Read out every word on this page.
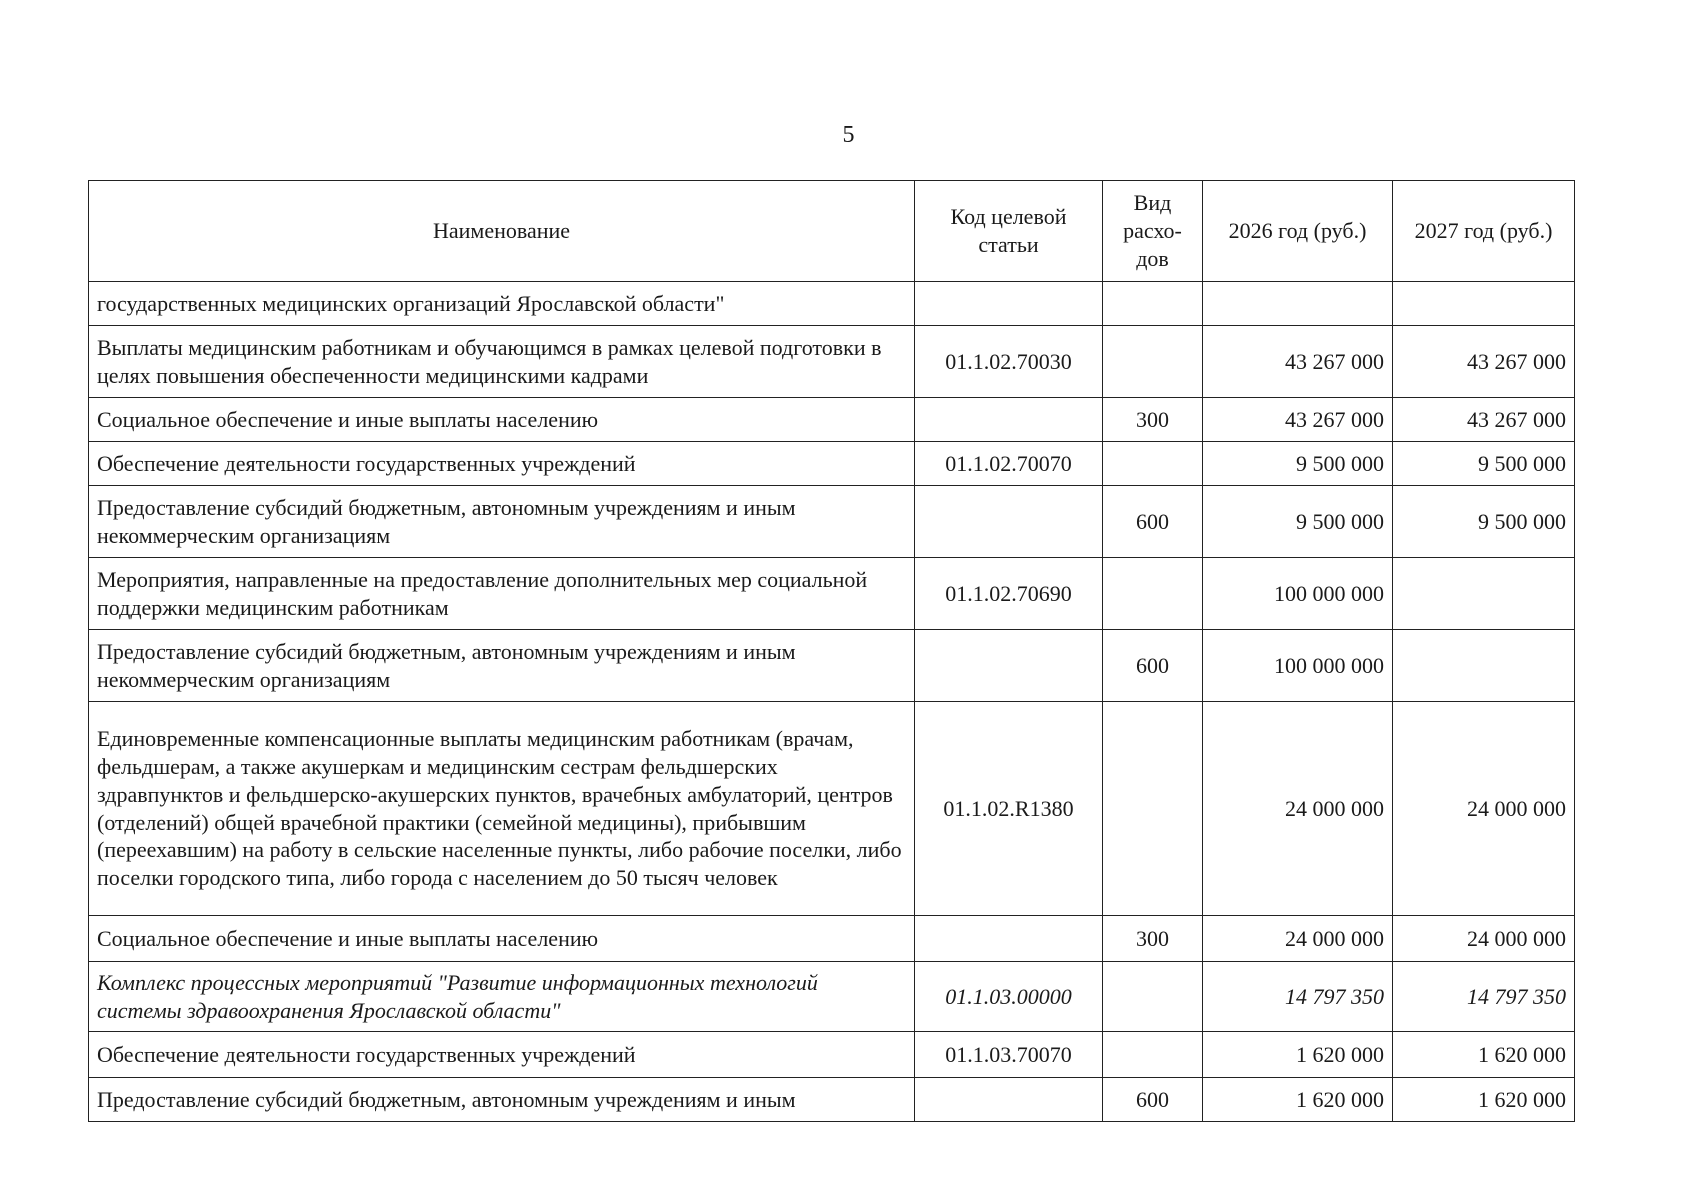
5
Наименование	Код целевой статьи	Вид расхо-дов	2026 год (руб.)	2027 год (руб.)
государственных медицинских организаций Ярославской области"				
Выплаты медицинским работникам и обучающимся в рамках целевой подготовки в целях повышения обеспеченности медицинскими кадрами	01.1.02.70030		43 267 000	43 267 000
Социальное обеспечение и иные выплаты населению		300	43 267 000	43 267 000
Обеспечение деятельности государственных учреждений	01.1.02.70070		9 500 000	9 500 000
Предоставление субсидий бюджетным, автономным учреждениям и иным некоммерческим организациям		600	9 500 000	9 500 000
Мероприятия, направленные на предоставление дополнительных мер социальной поддержки медицинским работникам	01.1.02.70690		100 000 000	
Предоставление субсидий бюджетным, автономным учреждениям и иным некоммерческим организациям		600	100 000 000	
Единовременные компенсационные выплаты медицинским работникам (врачам, фельдшерам, а также акушеркам и медицинским сестрам фельдшерских здравпунктов и фельдшерско-акушерских пунктов, врачебных амбулаторий, центров (отделений) общей врачебной практики (семейной медицины), прибывшим (переехавшим) на работу в сельские населенные пункты, либо рабочие поселки, либо поселки городского типа, либо города с населением до 50 тысяч человек	01.1.02.R1380		24 000 000	24 000 000
Социальное обеспечение и иные выплаты населению		300	24 000 000	24 000 000
Комплекс процессных мероприятий "Развитие информационных технологий системы здравоохранения Ярославской области"	01.1.03.00000		14 797 350	14 797 350
Обеспечение деятельности государственных учреждений	01.1.03.70070		1 620 000	1 620 000
Предоставление субсидий бюджетным, автономным учреждениям и иным		600	1 620 000	1 620 000
